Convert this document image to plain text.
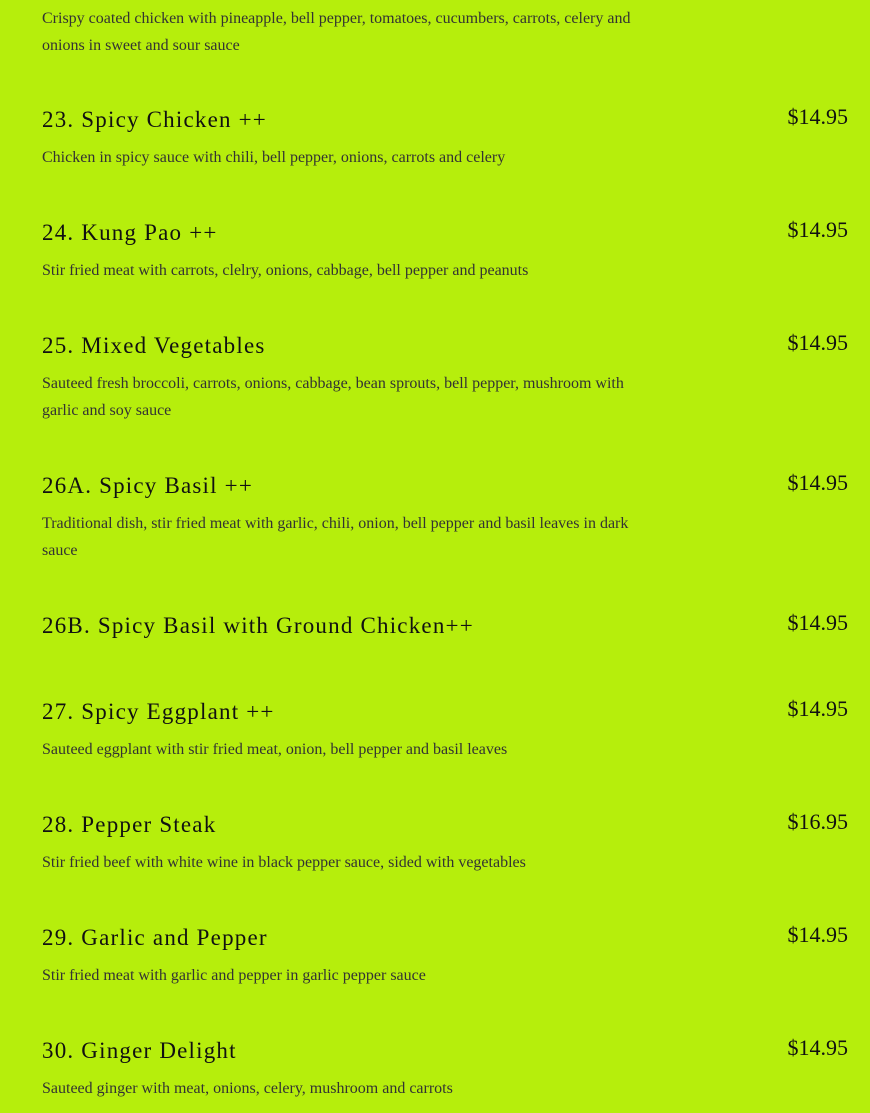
Crispy coated chicken with pineapple, bell pepper, tomatoes, cucumbers, carrots, celery and onions in sweet and sour sauce
23. Spicy Chicken ++	$14.95
Chicken in spicy sauce with chili, bell pepper, onions, carrots and celery
24. Kung Pao ++	$14.95
Stir fried meat with carrots, clelry, onions, cabbage, bell pepper and peanuts
25. Mixed Vegetables	$14.95
Sauteed fresh broccoli, carrots, onions, cabbage, bean sprouts, bell pepper, mushroom with garlic and soy sauce
26A. Spicy Basil ++	$14.95
Traditional dish, stir fried meat with garlic, chili, onion, bell pepper and basil leaves in dark sauce
26B. Spicy Basil with Ground Chicken++	$14.95
27. Spicy Eggplant ++	$14.95
Sauteed eggplant with stir fried meat, onion, bell pepper and basil leaves
28. Pepper Steak	$16.95
Stir fried beef with white wine in black pepper sauce, sided with vegetables
29. Garlic and Pepper	$14.95
Stir fried meat with garlic and pepper in garlic pepper sauce
30. Ginger Delight	$14.95
Sauteed ginger with meat, onions, celery, mushroom and carrots
